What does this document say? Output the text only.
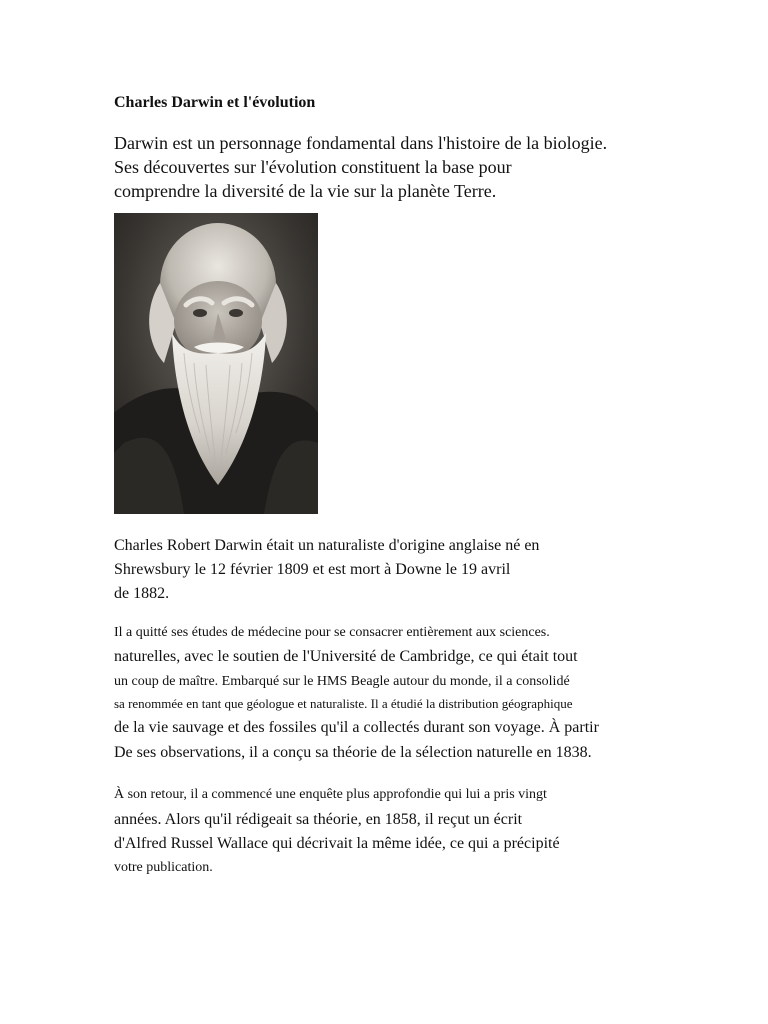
Charles Darwin et l'évolution
Darwin est un personnage fondamental dans l'histoire de la biologie.
Ses découvertes sur l'évolution constituent la base pour
comprendre la diversité de la vie sur la planète Terre.
Charles Robert Darwin était un naturaliste d'origine anglaise né en
Shrewsbury le 12 février 1809 et est mort à Downe le 19 avril
de 1882.
Il a quitté ses études de médecine pour se consacrer entièrement aux sciences.
naturelles, avec le soutien de l'Université de Cambridge, ce qui était tout
un coup de maître. Embarqué sur le HMS Beagle autour du monde, il a consolidé
sa renommée en tant que géologue et naturaliste. Il a étudié la distribution géographique
de la vie sauvage et des fossiles qu'il a collectés durant son voyage. À partir
De ses observations, il a conçu sa théorie de la sélection naturelle en 1838.
À son retour, il a commencé une enquête plus approfondie qui lui a pris vingt
années. Alors qu'il rédigeait sa théorie, en 1858, il reçut un écrit
d'Alfred Russel Wallace qui décrivait la même idée, ce qui a précipité
votre publication.
